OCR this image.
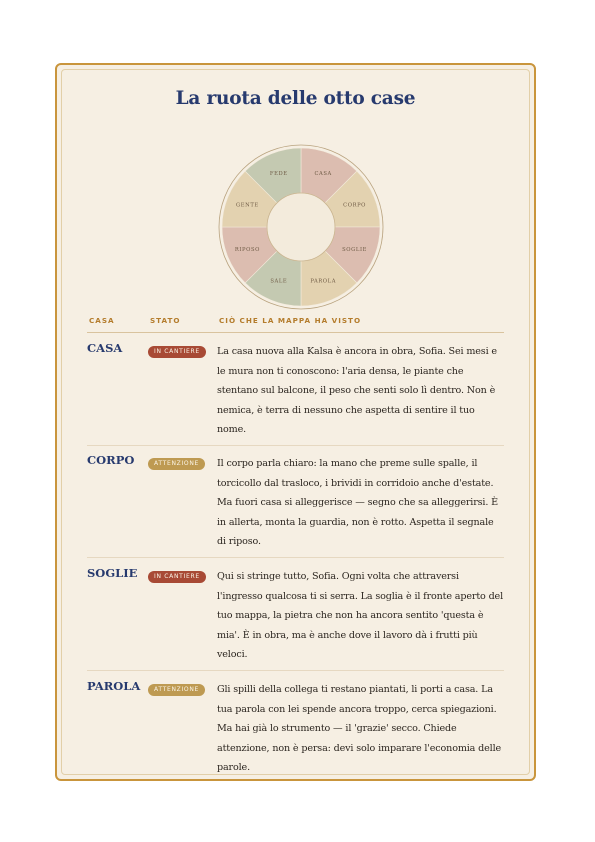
La ruota delle otto case
CASA
CORPO
SOGLIE
PAROLA
SALE
RIPOSO
GENTE
FEDE
CASA	STATO	CIÒ CHE LA MAPPA HA VISTO
CASA	IN CANTIERE	La casa nuova alla Kalsa è ancora in obra, Sofia. Sei mesi e le mura non ti conoscono: l'aria densa, le piante che stentano sul balcone, il peso che senti solo lì dentro. Non è nemica, è terra di nessuno che aspetta di sentire il tuo nome.
CORPO	ATTENZIONE	Il corpo parla chiaro: la mano che preme sulle spalle, il torcicollo dal trasloco, i brividi in corridoio anche d'estate. Ma fuori casa si alleggerisce — segno che sa alleggerirsi. È in allerta, monta la guardia, non è rotto. Aspetta il segnale di riposo.
SOGLIE	IN CANTIERE	Qui si stringe tutto, Sofia. Ogni volta che attraversi l'ingresso qualcosa ti si serra. La soglia è il fronte aperto del tuo mappa, la pietra che non ha ancora sentito 'questa è mia'. È in obra, ma è anche dove il lavoro dà i frutti più veloci.
PAROLA	ATTENZIONE	Gli spilli della collega ti restano piantati, li porti a casa. La tua parola con lei spende ancora troppo, cerca spiegazioni. Ma hai già lo strumento — il 'grazie' secco. Chiede attenzione, non è persa: devi solo imparare l'economia delle parole.
